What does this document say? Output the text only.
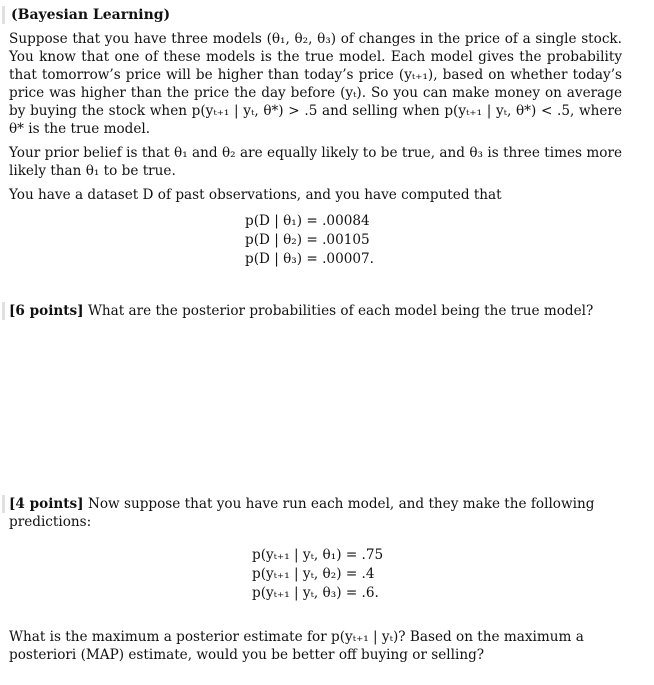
(Bayesian Learning)

Suppose that you have three models (θ₁, θ₂, θ₃) of changes in the price of a single stock. You know that one of these models is the true model. Each model gives the probability that tomorrow’s price will be higher than today’s price (yₜ₊₁), based on whether today’s price was higher than the price the day before (yₜ). So you can make money on average by buying the stock when p(yₜ₊₁ | yₜ, θ*) > .5 and selling when p(yₜ₊₁ | yₜ, θ*) < .5, where θ* is the true model.

Your prior belief is that θ₁ and θ₂ are equally likely to be true, and θ₃ is three times more likely than θ₁ to be true.

You have a dataset D of past observations, and you have computed that

p(D | θ₁) = .00084
p(D | θ₂) = .00105
p(D | θ₃) = .00007.
[6 points] What are the posterior probabilities of each model being the true model?
[4 points] Now suppose that you have run each model, and they make the following predictions:
p(yₜ₊₁ | yₜ, θ₁) = .75
p(yₜ₊₁ | yₜ, θ₂) = .4
p(yₜ₊₁ | yₜ, θ₃) = .6.
What is the maximum a posterior estimate for p(yₜ₊₁ | yₜ)? Based on the maximum a posteriori (MAP) estimate, would you be better off buying or selling?
